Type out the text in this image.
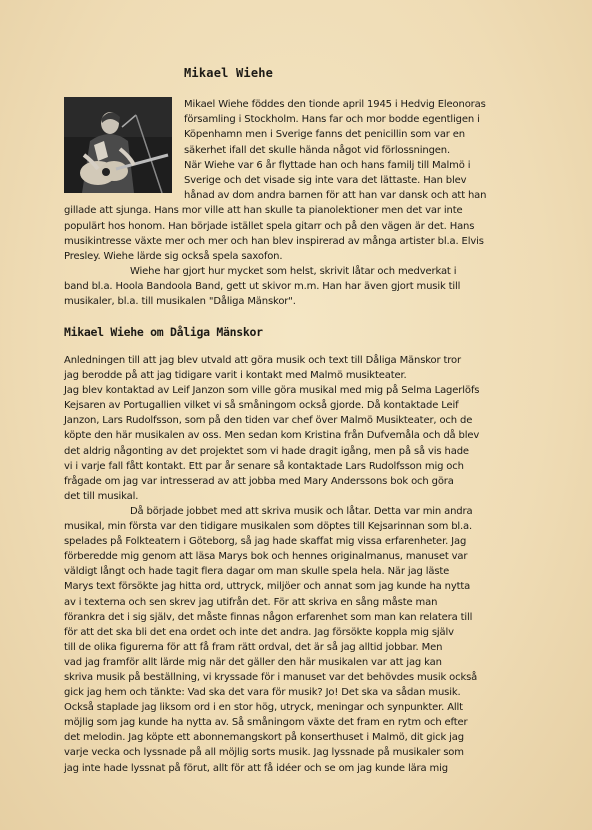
Mikael Wiehe
Mikael Wiehe föddes den tionde april 1945 i Hedvig Eleonoras
församling i Stockholm. Hans far och mor bodde egentligen i
Köpenhamn men i Sverige fanns det penicillin som var en
säkerhet ifall det skulle hända något vid förlossningen.
När Wiehe var 6 år flyttade han och hans familj till Malmö i
Sverige och det visade sig inte vara det lättaste. Han blev
hånad av dom andra barnen för att han var dansk och att han
gillade att sjunga. Hans mor ville att han skulle ta pianolektioner men det var inte
populärt hos honom. Han började istället spela gitarr och på den vägen är det. Hans
musikintresse växte mer och mer och han blev inspirerad av många artister bl.a. Elvis
Presley. Wiehe lärde sig också spela saxofon.
Wiehe har gjort hur mycket som helst, skrivit låtar och medverkat i
band bl.a. Hoola Bandoola Band, gett ut skivor m.m. Han har även gjort musik till
musikaler, bl.a. till musikalen "Dåliga Mänskor".
Mikael Wiehe om Dåliga Mänskor
Anledningen till att jag blev utvald att göra musik och text till Dåliga Mänskor tror
jag berodde på att jag tidigare varit i kontakt med Malmö musikteater.
Jag blev kontaktad av Leif Janzon som ville göra musikal med mig på Selma Lagerlöfs
Kejsaren av Portugallien vilket vi så småningom också gjorde. Då kontaktade Leif
Janzon, Lars Rudolfsson, som på den tiden var chef över Malmö Musikteater, och de
köpte den här musikalen av oss. Men sedan kom Kristina från Dufvemåla och då blev
det aldrig någonting av det projektet som vi hade dragit igång, men på så vis hade
vi i varje fall fått kontakt. Ett par år senare så kontaktade Lars Rudolfsson mig och
frågade om jag var intresserad av att jobba med Mary Anderssons bok och göra
det till musikal.
Då började jobbet med att skriva musik och låtar. Detta var min andra
musikal, min första var den tidigare musikalen som döptes till Kejsarinnan som bl.a.
spelades på Folkteatern i Göteborg, så jag hade skaffat mig vissa erfarenheter. Jag
förberedde mig genom att läsa Marys bok och hennes originalmanus, manuset var
väldigt långt och hade tagit flera dagar om man skulle spela hela. När jag läste
Marys text försökte jag hitta ord, uttryck, miljöer och annat som jag kunde ha nytta
av i texterna och sen skrev jag utifrån det. För att skriva en sång måste man
förankra det i sig själv, det måste finnas någon erfarenhet som man kan relatera till
för att det ska bli det ena ordet och inte det andra. Jag försökte koppla mig själv
till de olika figurerna för att få fram rätt ordval, det är så jag alltid jobbar. Men
vad jag framför allt lärde mig när det gäller den här musikalen var att jag kan
skriva musik på beställning, vi kryssade för i manuset var det behövdes musik också
gick jag hem och tänkte: Vad ska det vara för musik? Jo! Det ska va sådan musik.
Också staplade jag liksom ord i en stor hög, utryck, meningar och synpunkter. Allt
möjlig som jag kunde ha nytta av. Så småningom växte det fram en rytm och efter
det melodin. Jag köpte ett abonnemangskort på konserthuset i Malmö, dit gick jag
varje vecka och lyssnade på all möjlig sorts musik. Jag lyssnade på musikaler som
jag inte hade lyssnat på förut, allt för att få idéer och se om jag kunde lära mig
